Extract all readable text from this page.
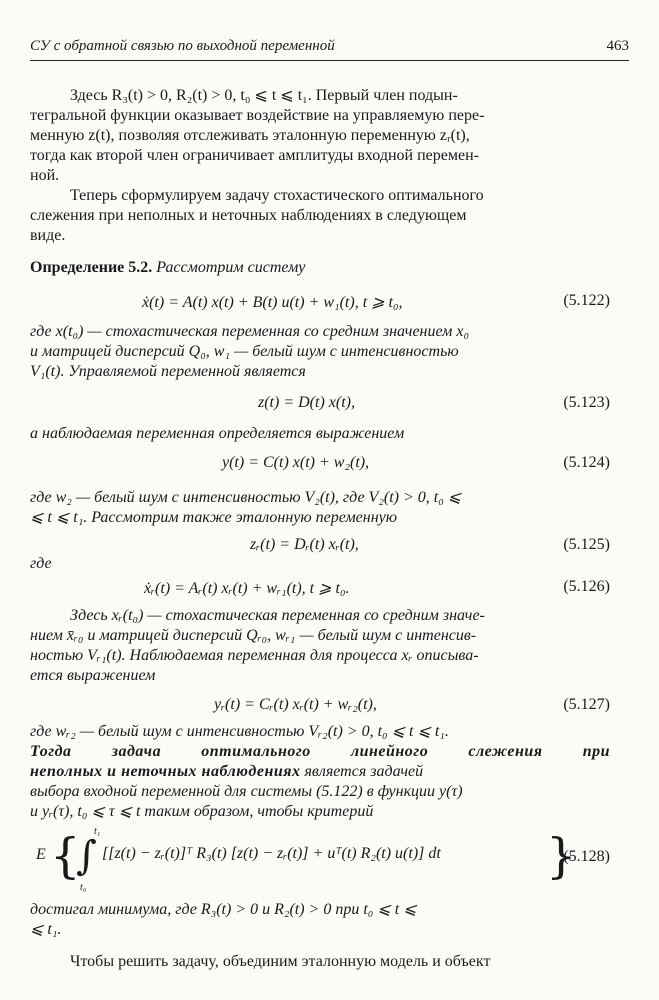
СУ с обратной связью по выходной переменной	463
Здесь R₃(t) > 0, R₂(t) > 0, t₀ ⩽ t ⩽ t₁. Первый член подын-
тегральной функции оказывает воздействие на управляемую пере-
менную z(t), позволяя отслеживать эталонную переменную zᵣ(t),
тогда как второй член ограничивает амплитуды входной перемен-
ной.
Теперь сформулируем задачу стохастического оптимального
слежения при неполных и неточных наблюдениях в следующем
виде.
Определение 5.2. Рассмотрим систему
ẋ(t) = A(t) x(t) + B(t) u(t) + w₁(t), t ⩾ t₀,	(5.122)
где x(t₀) — стохастическая переменная со средним значением x₀
и матрицей дисперсий Q₀, w₁ — белый шум с интенсивностью
V₁(t). Управляемой переменной является
z(t) = D(t) x(t),	(5.123)
а наблюдаемая переменная определяется выражением
y(t) = C(t) x(t) + w₂(t),	(5.124)
где w₂ — белый шум с интенсивностью V₂(t), где V₂(t) > 0, t₀ ⩽
⩽ t ⩽ t₁. Рассмотрим также эталонную переменную
zᵣ(t) = Dᵣ(t) xᵣ(t),	(5.125)
где
ẋᵣ(t) = Aᵣ(t) xᵣ(t) + wᵣ₁(t), t ⩾ t₀.	(5.126)
Здесь xᵣ(t₀) — стохастическая переменная со средним значе-
нием x̄ᵣ₀ и матрицей дисперсий Qᵣ₀, wᵣ₁ — белый шум с интенсив-
ностью Vᵣ₁(t). Наблюдаемая переменная для процесса xᵣ описыва-
ется выражением
yᵣ(t) = Cᵣ(t) xᵣ(t) + wᵣ₂(t),	(5.127)
где wᵣ₂ — белый шум с интенсивностью Vᵣ₂(t) > 0, t₀ ⩽ t ⩽ t₁.
Тогда задача оптимального линейного слежения при
неполных и неточных наблюдениях является задачей
выбора входной переменной для системы (5.122) в функции y(τ)
и yᵣ(τ), t₀ ⩽ τ ⩽ t таким образом, чтобы критерий
E {
∫
t₁
t₀
[[z(t) − zᵣ(t)]ᵀ R₃(t) [z(t) − zᵣ(t)] + uᵀ(t) R₂(t) u(t)] dt }
(5.128)
достигал минимума, где R₃(t) > 0 и R₂(t) > 0 при t₀ ⩽ t ⩽
⩽ t₁.
Чтобы решить задачу, объединим эталонную модель и объект
